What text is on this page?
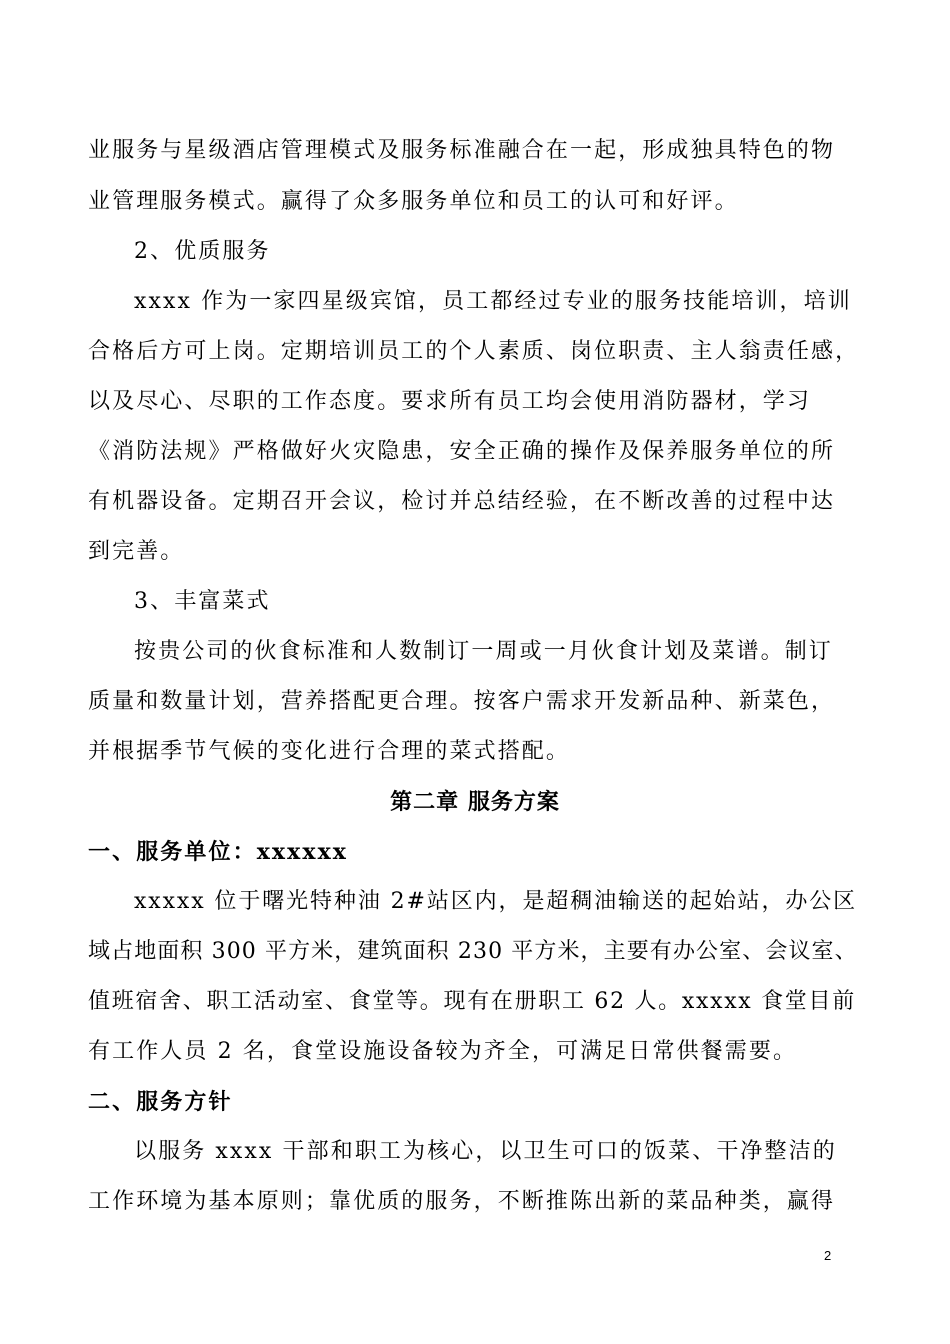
业服务与星级酒店管理模式及服务标准融合在一起，形成独具特色的物
业管理服务模式。赢得了众多服务单位和员工的认可和好评。
2、优质服务
xxxx 作为一家四星级宾馆，员工都经过专业的服务技能培训，培训
合格后方可上岗。定期培训员工的个人素质、岗位职责、主人翁责任感，
以及尽心、尽职的工作态度。要求所有员工均会使用消防器材，学习
《消防法规》严格做好火灾隐患，安全正确的操作及保养服务单位的所
有机器设备。定期召开会议，检讨并总结经验，在不断改善的过程中达
到完善。
3、丰富菜式
按贵公司的伙食标准和人数制订一周或一月伙食计划及菜谱。制订
质量和数量计划，营养搭配更合理。按客户需求开发新品种、新菜色，
并根据季节气候的变化进行合理的菜式搭配。
第二章 服务方案
一、服务单位：xxxxxx
xxxxx 位于曙光特种油 2#站区内，是超稠油输送的起始站，办公区
域占地面积 300 平方米，建筑面积 230 平方米，主要有办公室、会议室、
值班宿舍、职工活动室、食堂等。现有在册职工 62 人。xxxxx 食堂目前
有工作人员 2 名，食堂设施设备较为齐全，可满足日常供餐需要。
二、服务方针
以服务 xxxx 干部和职工为核心，以卫生可口的饭菜、干净整洁的
工作环境为基本原则；靠优质的服务，不断推陈出新的菜品种类，赢得
2
